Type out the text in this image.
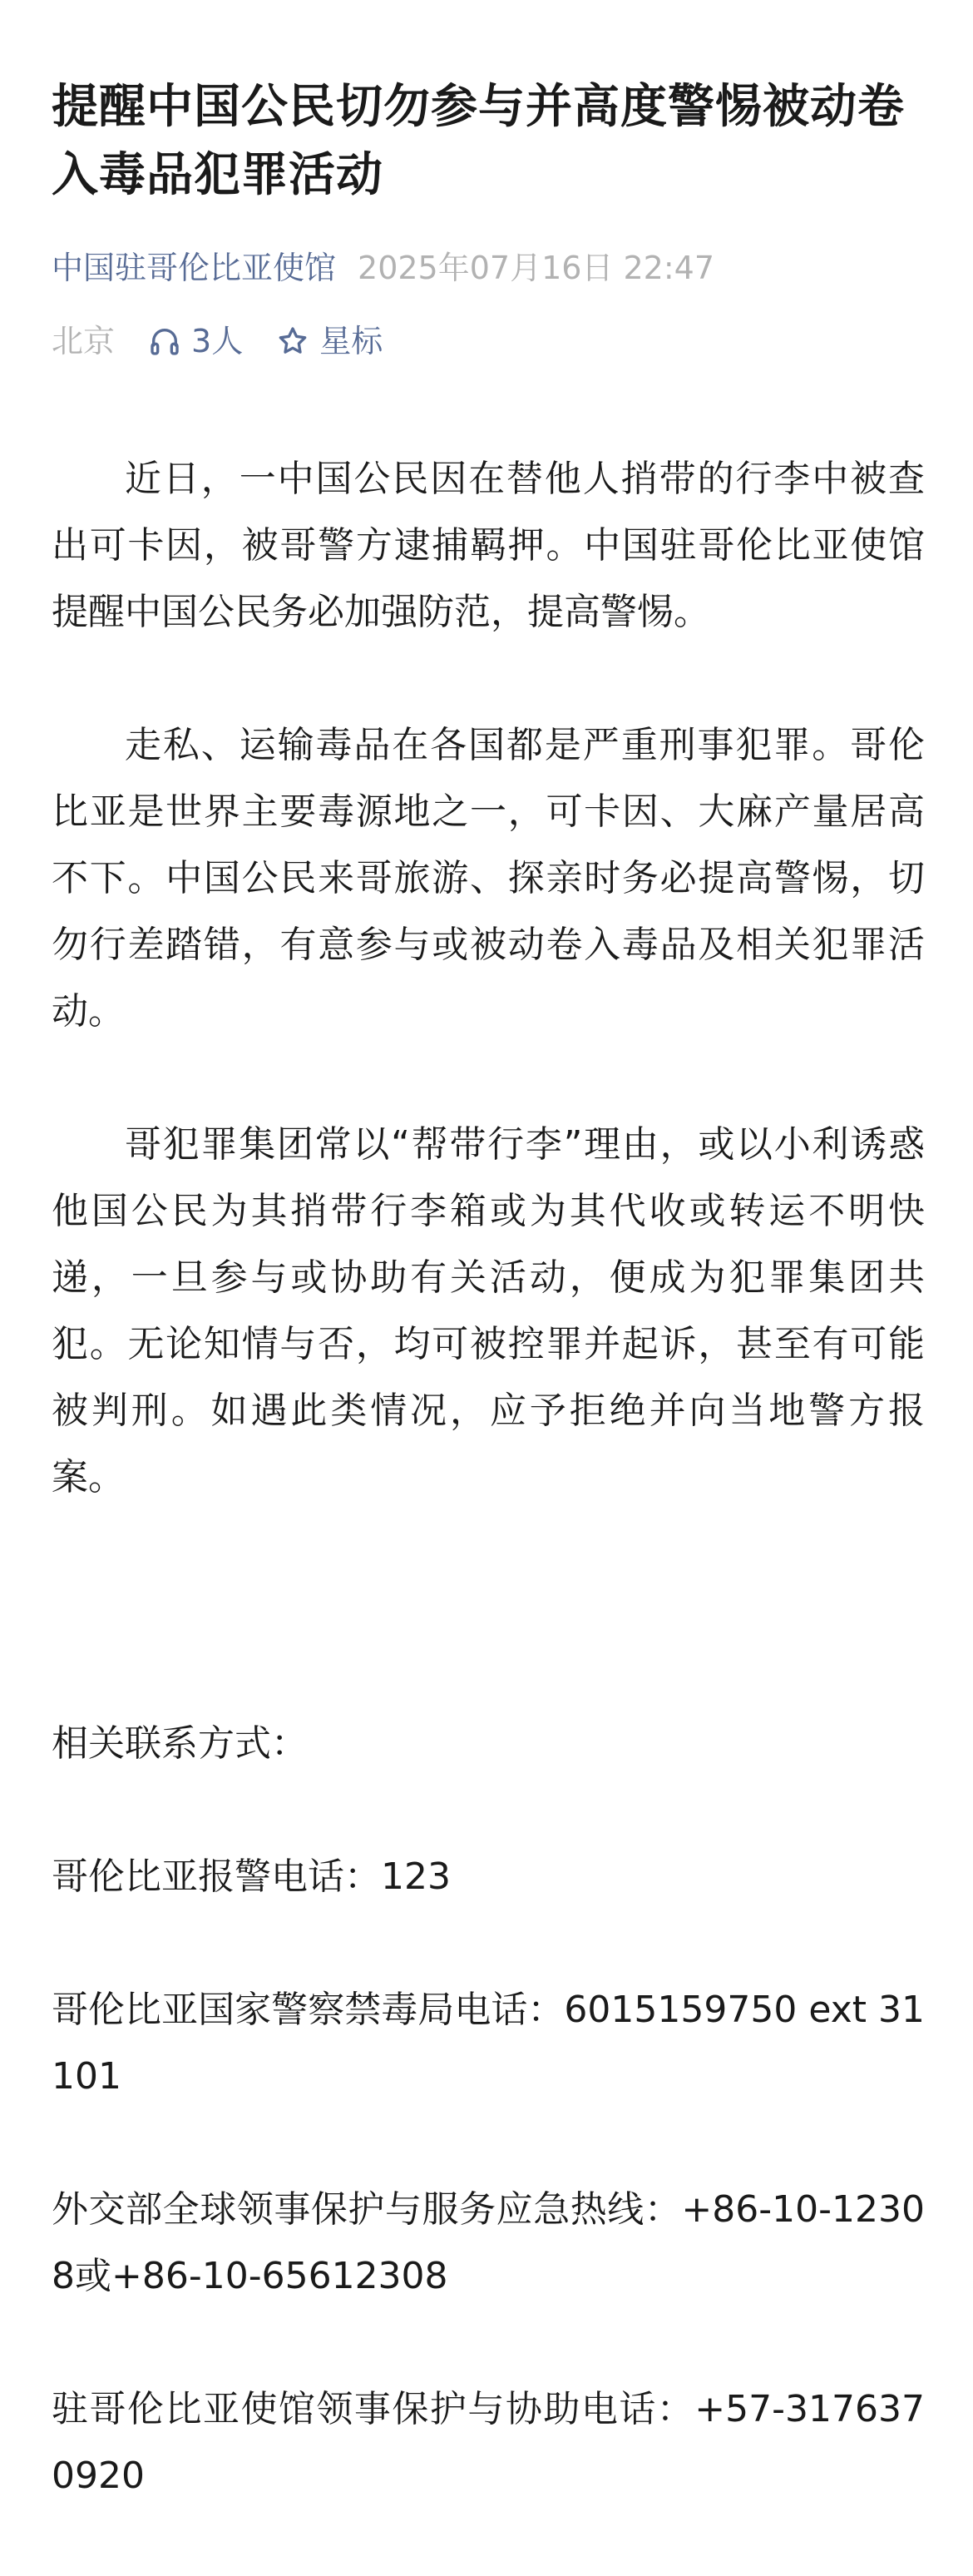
提醒中国公民切勿参与并高度警惕被动卷入毒品犯罪活动
中国驻哥伦比亚使馆 2025年07月16日 22:47
北京 3人 星标

近日，一中国公民因在替他人捎带的行李中被查出可卡因，被哥警方逮捕羁押。中国驻哥伦比亚使馆提醒中国公民务必加强防范，提高警惕。

走私、运输毒品在各国都是严重刑事犯罪。哥伦比亚是世界主要毒源地之一，可卡因、大麻产量居高不下。中国公民来哥旅游、探亲时务必提高警惕，切勿行差踏错，有意参与或被动卷入毒品及相关犯罪活动。

哥犯罪集团常以“帮带行李”理由，或以小利诱惑他国公民为其捎带行李箱或为其代收或转运不明快递，一旦参与或协助有关活动，便成为犯罪集团共犯。无论知情与否，均可被控罪并起诉，甚至有可能被判刑。如遇此类情况，应予拒绝并向当地警方报案。

相关联系方式：

哥伦比亚报警电话：123

哥伦比亚国家警察禁毒局电话：6015159750 ext 31101

外交部全球领事保护与服务应急热线：+86-10-12308或+86-10-65612308

驻哥伦比亚使馆领事保护与协助电话：+57-3176370920
